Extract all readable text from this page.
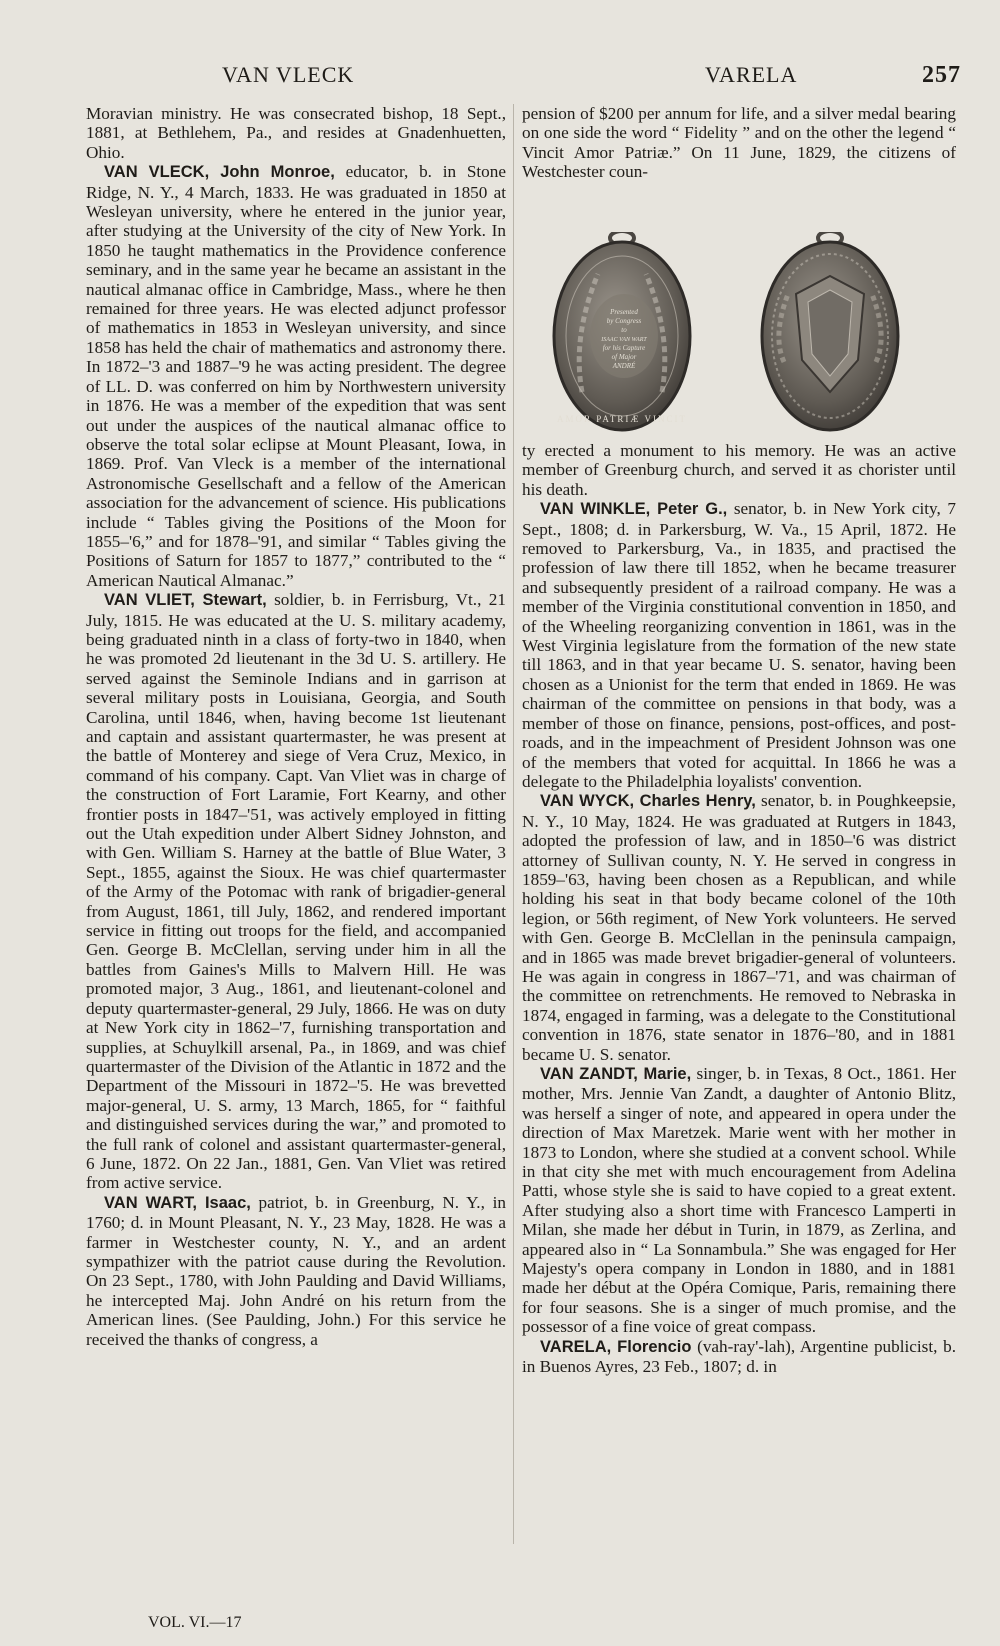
VAN VLECK	VARELA	257

Moravian ministry. He was consecrated bishop, 18 Sept., 1881, at Bethlehem, Pa., and resides at Gnadenhuetten, Ohio.

VAN VLECK, John Monroe, educator, b. in Stone Ridge, N. Y., 4 March, 1833. He was graduated in 1850 at Wesleyan university, where he entered in the junior year, after studying at the University of the city of New York. In 1850 he taught mathematics in the Providence conference seminary, and in the same year he became an assistant in the nautical almanac office in Cambridge, Mass., where he then remained for three years. He was elected adjunct professor of mathematics in 1853 in Wesleyan university, and since 1858 has held the chair of mathematics and astronomy there. In 1872–'3 and 1887–'9 he was acting president. The degree of LL. D. was conferred on him by Northwestern university in 1876. He was a member of the expedition that was sent out under the auspices of the nautical almanac office to observe the total solar eclipse at Mount Pleasant, Iowa, in 1869. Prof. Van Vleck is a member of the international Astronomische Gesellschaft and a fellow of the American association for the advancement of science. His publications include “ Tables giving the Positions of the Moon for 1855–'6,” and for 1878–'91, and similar “ Tables giving the Positions of Saturn for 1857 to 1877,” contributed to the “ American Nautical Almanac.”

VAN VLIET, Stewart, soldier, b. in Ferrisburg, Vt., 21 July, 1815. He was educated at the U. S. military academy, being graduated ninth in a class of forty-two in 1840, when he was promoted 2d lieutenant in the 3d U. S. artillery. He served against the Seminole Indians and in garrison at several military posts in Louisiana, Georgia, and South Carolina, until 1846, when, having become 1st lieutenant and captain and assistant quartermaster, he was present at the battle of Monterey and siege of Vera Cruz, Mexico, in command of his company. Capt. Van Vliet was in charge of the construction of Fort Laramie, Fort Kearny, and other frontier posts in 1847–'51, was actively employed in fitting out the Utah expedition under Albert Sidney Johnston, and with Gen. William S. Harney at the battle of Blue Water, 3 Sept., 1855, against the Sioux. He was chief quartermaster of the Army of the Potomac with rank of brigadier-general from August, 1861, till July, 1862, and rendered important service in fitting out troops for the field, and accompanied Gen. George B. McClellan, serving under him in all the battles from Gaines's Mills to Malvern Hill. He was promoted major, 3 Aug., 1861, and lieutenant-colonel and deputy quartermaster-general, 29 July, 1866. He was on duty at New York city in 1862–'7, furnishing transportation and supplies, at Schuylkill arsenal, Pa., in 1869, and was chief quartermaster of the Division of the Atlantic in 1872 and the Department of the Missouri in 1872–'5. He was brevetted major-general, U. S. army, 13 March, 1865, for “ faithful and distinguished services during the war,” and promoted to the full rank of colonel and assistant quartermaster-general, 6 June, 1872. On 22 Jan., 1881, Gen. Van Vliet was retired from active service.

VAN WART, Isaac, patriot, b. in Greenburg, N. Y., in 1760; d. in Mount Pleasant, N. Y., 23 May, 1828. He was a farmer in Westchester county, N. Y., and an ardent sympathizer with the patriot cause during the Revolution. On 23 Sept., 1780, with John Paulding and David Williams, he intercepted Maj. John André on his return from the American lines. (See Paulding, John.) For this service he received the thanks of congress, a

pension of $200 per annum for life, and a silver medal bearing on one side the word “ Fidelity ” and on the other the legend “ Vincit Amor Patriæ.” On 11 June, 1829, the citizens of Westchester coun-

Presented
by Congress
to
ISAAC VAN WART
for his Capture
of Major
ANDRÉ
AMOR PATRIÆ VINCIT

ty erected a monument to his memory. He was an active member of Greenburg church, and served it as chorister until his death.

VAN WINKLE, Peter G., senator, b. in New York city, 7 Sept., 1808; d. in Parkersburg, W. Va., 15 April, 1872. He removed to Parkersburg, Va., in 1835, and practised the profession of law there till 1852, when he became treasurer and subsequently president of a railroad company. He was a member of the Virginia constitutional convention in 1850, and of the Wheeling reorganizing convention in 1861, was in the West Virginia legislature from the formation of the new state till 1863, and in that year became U. S. senator, having been chosen as a Unionist for the term that ended in 1869. He was chairman of the committee on pensions in that body, was a member of those on finance, pensions, post-offices, and post-roads, and in the impeachment of President Johnson was one of the members that voted for acquittal. In 1866 he was a delegate to the Philadelphia loyalists' convention.

VAN WYCK, Charles Henry, senator, b. in Poughkeepsie, N. Y., 10 May, 1824. He was graduated at Rutgers in 1843, adopted the profession of law, and in 1850–'6 was district attorney of Sullivan county, N. Y. He served in congress in 1859–'63, having been chosen as a Republican, and while holding his seat in that body became colonel of the 10th legion, or 56th regiment, of New York volunteers. He served with Gen. George B. McClellan in the peninsula campaign, and in 1865 was made brevet brigadier-general of volunteers. He was again in congress in 1867–'71, and was chairman of the committee on retrenchments. He removed to Nebraska in 1874, engaged in farming, was a delegate to the Constitutional convention in 1876, state senator in 1876–'80, and in 1881 became U. S. senator.

VAN ZANDT, Marie, singer, b. in Texas, 8 Oct., 1861. Her mother, Mrs. Jennie Van Zandt, a daughter of Antonio Blitz, was herself a singer of note, and appeared in opera under the direction of Max Maretzek. Marie went with her mother in 1873 to London, where she studied at a convent school. While in that city she met with much encouragement from Adelina Patti, whose style she is said to have copied to a great extent. After studying also a short time with Francesco Lamperti in Milan, she made her début in Turin, in 1879, as Zerlina, and appeared also in “ La Sonnambula.” She was engaged for Her Majesty's opera company in London in 1880, and in 1881 made her début at the Opéra Comique, Paris, remaining there for four seasons. She is a singer of much promise, and the possessor of a fine voice of great compass.

VARELA, Florencio (vah-ray'-lah), Argentine publicist, b. in Buenos Ayres, 23 Feb., 1807; d. in

VOL. VI.—17
